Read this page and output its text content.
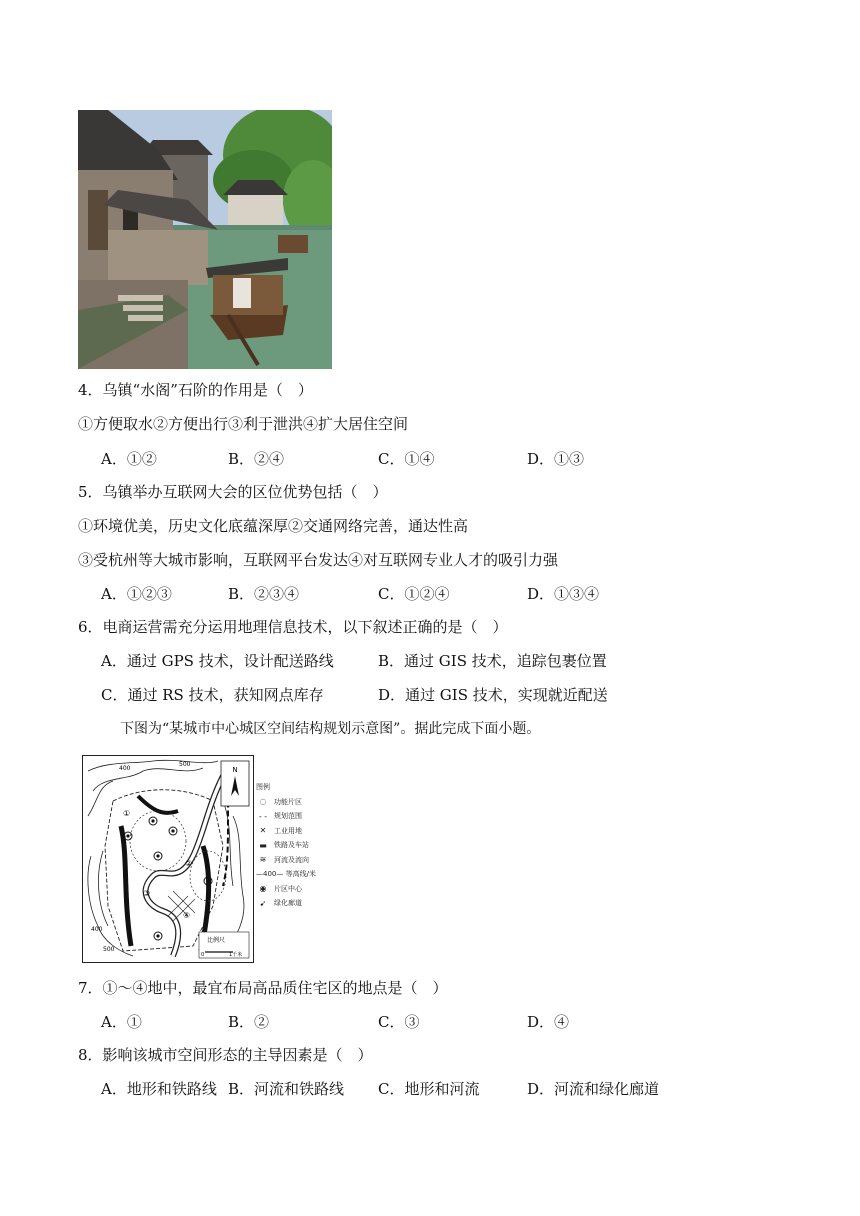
4．乌镇“水阁”石阶的作用是（　）
①方便取水②方便出行③利于泄洪④扩大居住空间
A．①②	B．②④	C．①④	D．①③
5．乌镇举办互联网大会的区位优势包括（　）
①环境优美，历史文化底蕴深厚②交通网络完善，通达性高
③受杭州等大城市影响，互联网平台发达④对互联网专业人才的吸引力强
A．①②③	B．②③④	C．①②④	D．①③④
6．电商运营需充分运用地理信息技术，以下叙述正确的是（　）
A．通过 GPS 技术，设计配送路线	B．通过 GIS 技术，追踪包裹位置
C．通过 RS 技术，获知网点库存	D．通过 GIS 技术，实现就近配送
下图为“某城市中心城区空间结构规划示意图”。据此完成下面小题。
N
500
400
400
500
①
②
③
④
比例尺
0	1千米
图例
◌	功能片区
- - 规划范围
✕	工业用地
▬	铁路及车站
≋	河流及流向
—400— 等高线/米
◉	片区中心
➹	绿化廊道
7．①～④地中，最宜布局高品质住宅区的地点是（　）
A．①	B．②	C．③	D．④
8．影响该城市空间形态的主导因素是（　）
A．地形和铁路线 B．河流和铁路线 C．地形和河流	D．河流和绿化廊道
